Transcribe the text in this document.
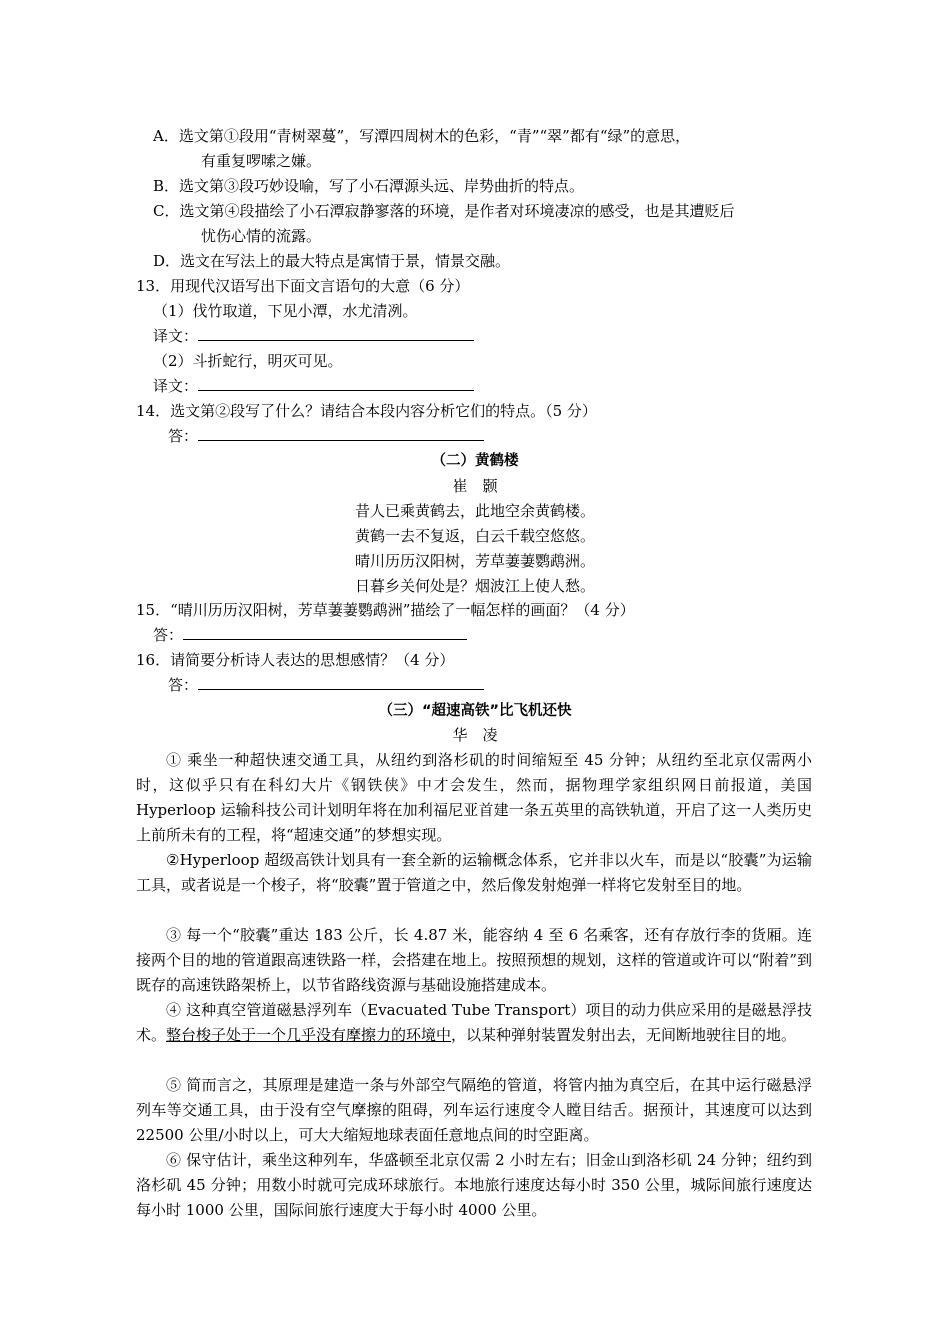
A．选文第①段用“青树翠蔓”，写潭四周树木的色彩，“青”“翠”都有“绿”的意思，
有重复啰嗦之嫌。
B．选文第③段巧妙设喻，写了小石潭源头远、岸势曲折的特点。
C．选文第④段描绘了小石潭寂静寥落的环境，是作者对环境凄凉的感受，也是其遭贬后
忧伤心情的流露。
D．选文在写法上的最大特点是寓情于景，情景交融。
13．用现代汉语写出下面文言语句的大意（6 分）
（1）伐竹取道，下见小潭，水尤清冽。
译文：
（2）斗折蛇行，明灭可见。
译文：
14．选文第②段写了什么？请结合本段内容分析它们的特点。（5 分）
答：
（二）黄鹤楼
崔　颢
昔人已乘黄鹤去，此地空余黄鹤楼。
黄鹤一去不复返，白云千载空悠悠。
晴川历历汉阳树，芳草萋萋鹦鹉洲。
日暮乡关何处是？烟波江上使人愁。
15．“晴川历历汉阳树，芳草萋萋鹦鹉洲”描绘了一幅怎样的画面？（4 分）
答：
16．请简要分析诗人表达的思想感情？（4 分）
答：
（三）“超速高铁”比飞机还快
华　凌
① 乘坐一种超快速交通工具，从纽约到洛杉矶的时间缩短至 45 分钟；从纽约至北京仅需两小时，这似乎只有在科幻大片《钢铁侠》中才会发生，然而，据物理学家组织网日前报道，美国 Hyperloop 运输科技公司计划明年将在加利福尼亚首建一条五英里的高铁轨道，开启了这一人类历史上前所未有的工程，将“超速交通”的梦想实现。
②Hyperloop 超级高铁计划具有一套全新的运输概念体系，它并非以火车，而是以“胶囊”为运输工具，或者说是一个梭子，将“胶囊”置于管道之中，然后像发射炮弹一样将它发射至目的地。
③ 每一个“胶囊”重达 183 公斤，长 4.87 米，能容纳 4 至 6 名乘客，还有存放行李的货厢。连接两个目的地的管道跟高速铁路一样，会搭建在地上。按照预想的规划，这样的管道或许可以“附着”到既存的高速铁路架桥上，以节省路线资源与基础设施搭建成本。
④ 这种真空管道磁悬浮列车（Evacuated Tube Transport）项目的动力供应采用的是磁悬浮技术。整台梭子处于一个几乎没有摩擦力的环境中，以某种弹射装置发射出去，无间断地驶往目的地。
⑤ 简而言之，其原理是建造一条与外部空气隔绝的管道，将管内抽为真空后，在其中运行磁悬浮列车等交通工具，由于没有空气摩擦的阻碍，列车运行速度令人瞠目结舌。据预计，其速度可以达到 22500 公里/小时以上，可大大缩短地球表面任意地点间的时空距离。
⑥ 保守估计，乘坐这种列车，华盛顿至北京仅需 2 小时左右；旧金山到洛杉矶 24 分钟；纽约到洛杉矶 45 分钟；用数小时就可完成环球旅行。本地旅行速度达每小时 350 公里，城际间旅行速度达每小时 1000 公里，国际间旅行速度大于每小时 4000 公里。
